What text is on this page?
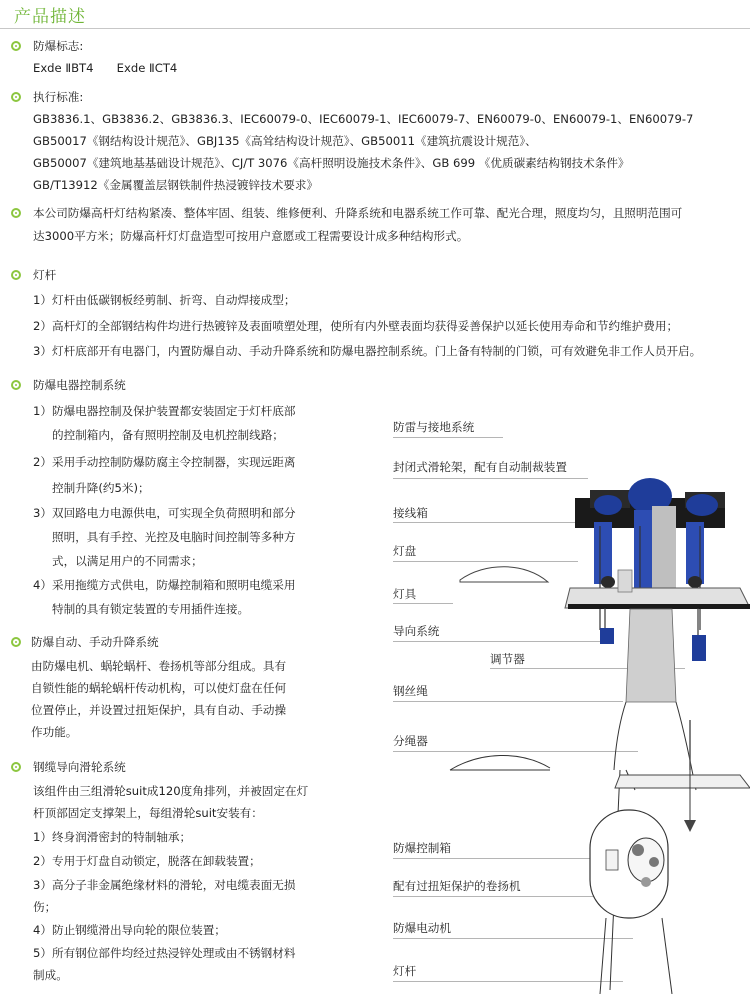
产品描述
防爆标志:
Exde ⅡBT4　　Exde ⅡCT4
执行标准:
GB3836.1、GB3836.2、GB3836.3、IEC60079-0、IEC60079-1、IEC60079-7、EN60079-0、EN60079-1、EN60079-7
GB50017《钢结构设计规范》、GBJ135《高耸结构设计规范》、GB50011《建筑抗震设计规范》、
GB50007《建筑地基基础设计规范》、CJ/T 3076《高杆照明设施技术条件》、GB 699 《优质碳素结构钢技术条件》
GB/T13912《金属覆盖层钢铁制件热浸镀锌技术要求》
本公司防爆高杆灯结构紧凑、整体牢固、组装、维修便利、升降系统和电器系统工作可靠、配光合理，照度均匀，且照明范围可
达3000平方米；防爆高杆灯灯盘造型可按用户意愿或工程需要设计成多种结构形式。
灯杆
1）灯杆由低碳钢板经剪制、折弯、自动焊接成型；
2）高杆灯的全部钢结构件均进行热镀锌及表面喷塑处理，使所有内外壁表面均获得妥善保护以延长使用寿命和节约维护费用；
3）灯杆底部开有电器门，内置防爆自动、手动升降系统和防爆电器控制系统。门上备有特制的门锁，可有效避免非工作人员开启。
防爆电器控制系统
1）防爆电器控制及保护装置都安装固定于灯杆底部
的控制箱内，备有照明控制及电机控制线路；
2）采用手动控制防爆防腐主令控制器，实现远距离
控制升降(约5米)；
3）双回路电力电源供电，可实现全负荷照明和部分
照明，具有手控、光控及电脑时间控制等多种方
式，以满足用户的不同需求；
4）采用拖缆方式供电，防爆控制箱和照明电缆采用
特制的具有锁定装置的专用插件连接。
防爆自动、手动升降系统
由防爆电机、蜗轮蜗杆、卷扬机等部分组成。具有
自锁性能的蜗轮蜗杆传动机构，可以使灯盘在任何
位置停止，并设置过扭矩保护，具有自动、手动操
作功能。
钢缆导向滑轮系统
该组件由三组滑轮suit成120度角排列，并被固定在灯
杆顶部固定支撑架上，每组滑轮suit安装有：
1）终身润滑密封的特制轴承；
2）专用于灯盘自动锁定，脱落在卸载装置；
3）高分子非金属绝缘材料的滑轮，对电缆表面无损
伤；
4）防止钢缆滑出导向轮的限位装置；
5）所有钢位部件均经过热浸锌处理或由不锈钢材料
制成。
防雷与接地系统
封闭式滑轮架，配有自动制裁装置
接线箱
灯盘
灯具
导向系统
调节器
钢丝绳
分绳器
防爆控制箱
配有过扭矩保护的卷扬机
防爆电动机
灯杆
